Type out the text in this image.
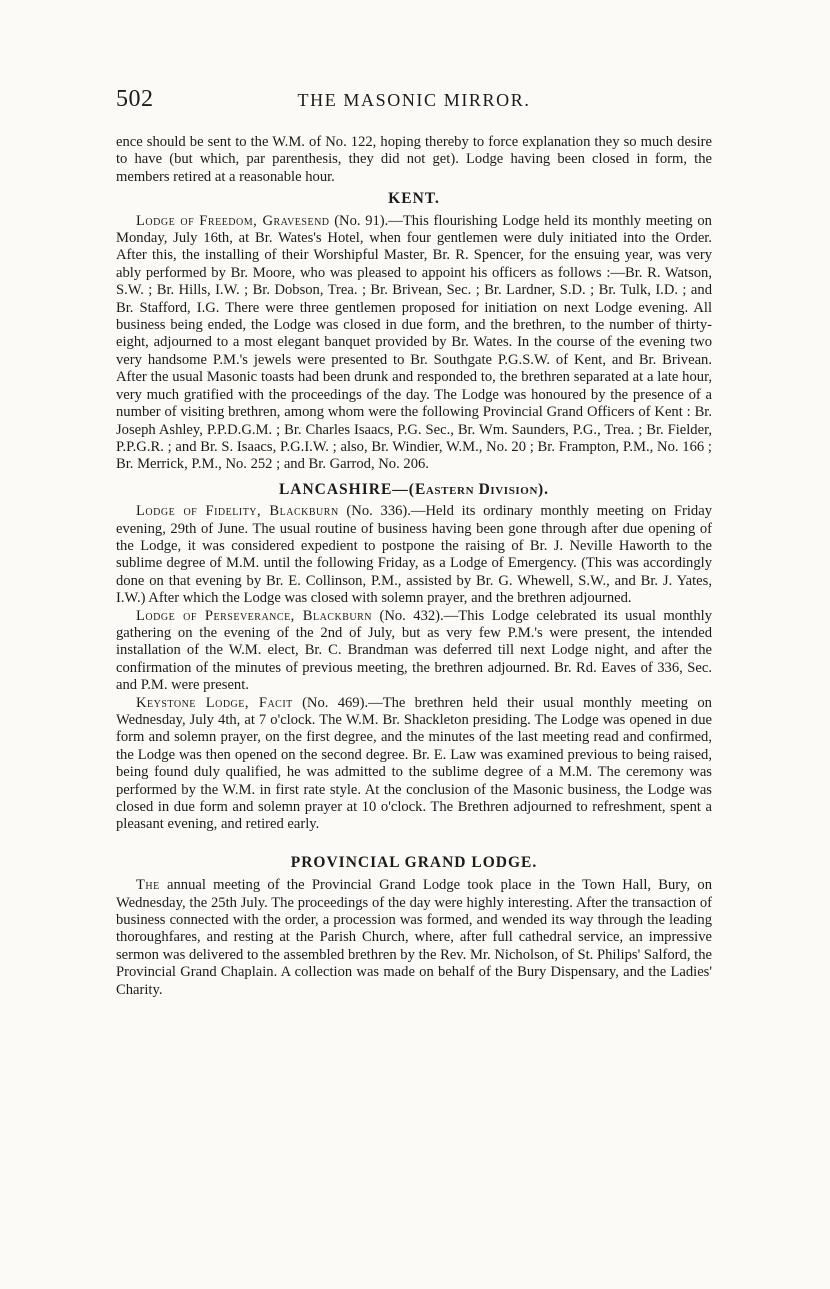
502	THE MASONIC MIRROR.

ence should be sent to the W.M. of No. 122, hoping thereby to force explanation they so much desire to have (but which, par parenthesis, they did not get). Lodge having been closed in form, the members retired at a reasonable hour.

KENT.

Lodge of Freedom, Gravesend (No. 91).—This flourishing Lodge held its monthly meeting on Monday, July 16th, at Br. Wates's Hotel, when four gentlemen were duly initiated into the Order. After this, the installing of their Worshipful Master, Br. R. Spencer, for the ensuing year, was very ably performed by Br. Moore, who was pleased to appoint his officers as follows :—Br. R. Watson, S.W. ; Br. Hills, I.W. ; Br. Dobson, Trea. ; Br. Brivean, Sec. ; Br. Lardner, S.D. ; Br. Tulk, I.D. ; and Br. Stafford, I.G. There were three gentlemen proposed for initiation on next Lodge evening. All business being ended, the Lodge was closed in due form, and the brethren, to the number of thirty-eight, adjourned to a most elegant banquet provided by Br. Wates. In the course of the evening two very handsome P.M.'s jewels were presented to Br. Southgate P.G.S.W. of Kent, and Br. Brivean. After the usual Masonic toasts had been drunk and responded to, the brethren separated at a late hour, very much gratified with the proceedings of the day. The Lodge was honoured by the presence of a number of visiting brethren, among whom were the following Provincial Grand Officers of Kent : Br. Joseph Ashley, P.P.D.G.M. ; Br. Charles Isaacs, P.G. Sec., Br. Wm. Saunders, P.G., Trea. ; Br. Fielder, P.P.G.R. ; and Br. S. Isaacs, P.G.I.W. ; also, Br. Windier, W.M., No. 20 ; Br. Frampton, P.M., No. 166 ; Br. Merrick, P.M., No. 252 ; and Br. Garrod, No. 206.

LANCASHIRE—(Eastern Division).

Lodge of Fidelity, Blackburn (No. 336).—Held its ordinary monthly meeting on Friday evening, 29th of June. The usual routine of business having been gone through after due opening of the Lodge, it was considered expedient to postpone the raising of Br. J. Neville Haworth to the sublime degree of M.M. until the following Friday, as a Lodge of Emergency. (This was accordingly done on that evening by Br. E. Collinson, P.M., assisted by Br. G. Whewell, S.W., and Br. J. Yates, I.W.) After which the Lodge was closed with solemn prayer, and the brethren adjourned.

Lodge of Perseverance, Blackburn (No. 432).—This Lodge celebrated its usual monthly gathering on the evening of the 2nd of July, but as very few P.M.'s were present, the intended installation of the W.M. elect, Br. C. Brandman was deferred till next Lodge night, and after the confirmation of the minutes of previous meeting, the brethren adjourned. Br. Rd. Eaves of 336, Sec. and P.M. were present.

Keystone Lodge, Facit (No. 469).—The brethren held their usual monthly meeting on Wednesday, July 4th, at 7 o'clock. The W.M. Br. Shackleton presiding. The Lodge was opened in due form and solemn prayer, on the first degree, and the minutes of the last meeting read and confirmed, the Lodge was then opened on the second degree. Br. E. Law was examined previous to being raised, being found duly qualified, he was admitted to the sublime degree of a M.M. The ceremony was performed by the W.M. in first rate style. At the conclusion of the Masonic business, the Lodge was closed in due form and solemn prayer at 10 o'clock. The Brethren adjourned to refreshment, spent a pleasant evening, and retired early.

PROVINCIAL GRAND LODGE.

The annual meeting of the Provincial Grand Lodge took place in the Town Hall, Bury, on Wednesday, the 25th July. The proceedings of the day were highly interesting. After the transaction of business connected with the order, a procession was formed, and wended its way through the leading thoroughfares, and resting at the Parish Church, where, after full cathedral service, an impressive sermon was delivered to the assembled brethren by the Rev. Mr. Nicholson, of St. Philips' Salford, the Provincial Grand Chaplain. A collection was made on behalf of the Bury Dispensary, and the Ladies' Charity.
